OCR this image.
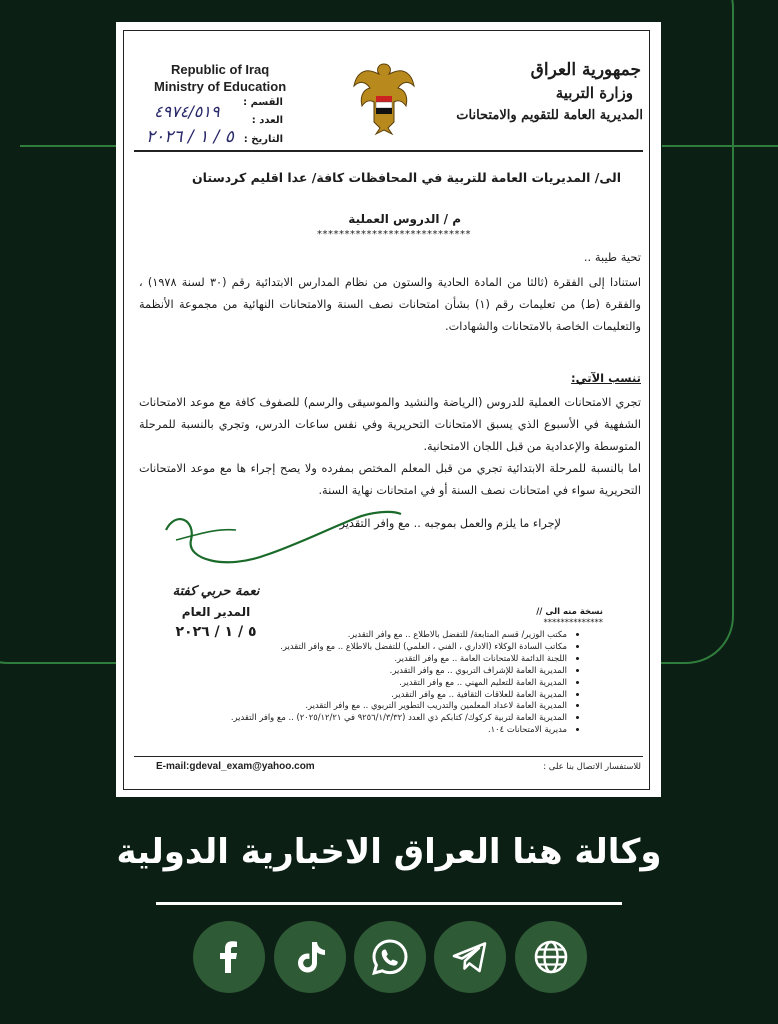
Republic of Iraq
Ministry of Education
القسم :
العدد :
التاريخ :
٤٩٧٤/٥١٩
٥ / ١ / ٢٠٢٦
جمهورية العراق
وزارة التربية
المديرية العامة للتقويم والامتحانات
الى/ المديريات العامة للتربية في المحافظات كافة/ عدا اقليم كردستان
م / الدروس العملية
****************************
تحية طيبة ..
استنادا إلى الفقرة (ثالثا من المادة الحادية والستون من نظام المدارس الابتدائية رقم (٣٠ لسنة ١٩٧٨) ، والفقرة (ط) من تعليمات رقم (١) بشأن امتحانات نصف السنة والامتحانات النهائية من مجموعة الأنظمة والتعليمات الخاصة بالامتحانات والشهادات.
تنسب الآتي:
تجري الامتحانات العملية للدروس (الرياضة والنشيد والموسيقى والرسم) للصفوف كافة مع موعد الامتحانات الشفهية في الأسبوع الذي يسبق الامتحانات التحريرية وفي نفس ساعات الدرس، وتجري بالنسبة للمرحلة المتوسطة والإعدادية من قبل اللجان الامتحانية.
اما بالنسبة للمرحلة الابتدائية تجري من قبل المعلم المختص بمفرده ولا يصح إجراء ها مع موعد الامتحانات التحريرية سواء في امتحانات نصف السنة أو في امتحانات نهاية السنة.
لإجراء ما يلزم والعمل بموجبه .. مع وافر التقدير
نعمة حربي كفتة
المدير العام
٥ / ١ / ٢٠٢٦
نسخة منه الى //
**************
• مكتب الوزير/ قسم المتابعة/ للتفضل بالاطلاع .. مع وافر التقدير.
• مكاتب السادة الوكلاء (الاداري ، الفني ، العلمي) للتفضل بالاطلاع .. مع وافر التقدير.
• اللجنة الدائمة للامتحانات العامة .. مع وافر التقدير.
• المديرية العامة للإشراف التربوي .. مع وافر التقدير.
• المديرية العامة للتعليم المهني .. مع وافر التقدير.
• المديرية العامة للعلاقات الثقافية .. مع وافر التقدير.
• المديرية العامة لاعداد المعلمين والتدريب التطوير التربوي .. مع وافر التقدير.
• المديرية العامة لتربية كركوك/ كتابكم ذي العدد (٩٢٥٦/١/٣/٣٢ في ٢٠٢٥/١٢/٢١) .. مع وافر التقدير.
• مديرية الامتحانات ١٠٤.
E-mail:gdeval_exam@yahoo.com	للاستفسار الاتصال بنا على :
وكالة هنا العراق الاخبارية الدولية
